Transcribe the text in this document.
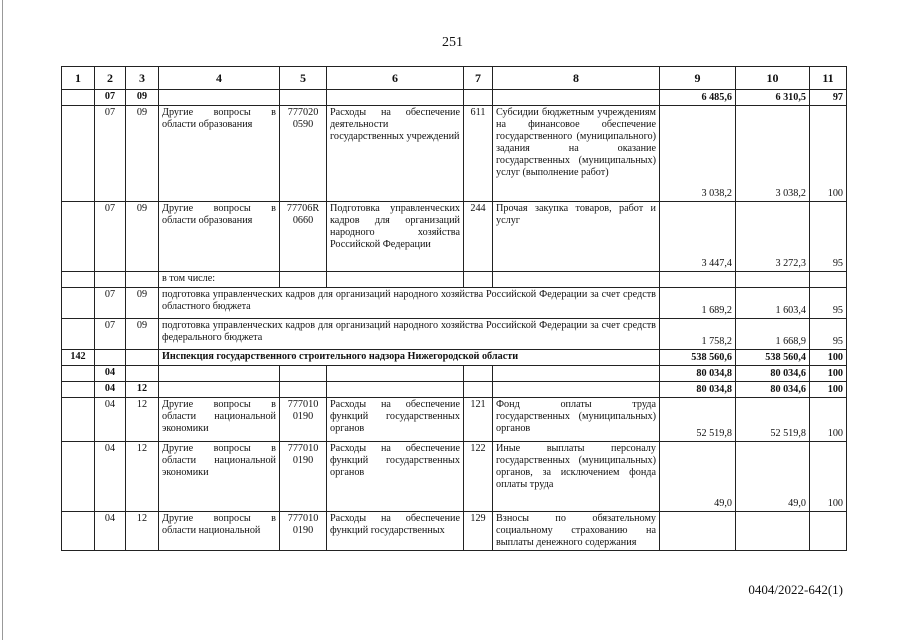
251
1	2	3	4	5	6	7	8	9	10	11
	07	09						6 485,6	6 310,5	97
	07	09	Другие вопросы в области образования	777020 0590	Расходы на обеспечение деятельности государственных учреждений	611	Субсидии бюджетным учреждениям на финансовое обеспечение государственного (муниципального) задания на оказание государственных (муниципальных) услуг (выполнение работ)	3 038,2	3 038,2	100
	07	09	Другие вопросы в области образования	77706R 0660	Подготовка управленческих кадров для организаций народного хозяйства Российской Федерации	244	Прочая закупка товаров, работ и услуг	3 447,4	3 272,3	95
			в том числе:							
	07	09	подготовка управленческих кадров для организаций народного хозяйства Российской Федерации за счет средств областного бюджета					1 689,2	1 603,4	95
	07	09	подготовка управленческих кадров для организаций народного хозяйства Российской Федерации за счет средств федерального бюджета					1 758,2	1 668,9	95
142			Инспекция государственного строительного надзора Нижегородской области					538 560,6	538 560,4	100
	04							80 034,8	80 034,6	100
	04	12						80 034,8	80 034,6	100
	04	12	Другие вопросы в области национальной экономики	777010 0190	Расходы на обеспечение функций государственных органов	121	Фонд оплаты труда государственных (муниципальных) органов	52 519,8	52 519,8	100
	04	12	Другие вопросы в области национальной экономики	777010 0190	Расходы на обеспечение функций государственных органов	122	Иные выплаты персоналу государственных (муниципальных) органов, за исключением фонда оплаты труда	49,0	49,0	100
	04	12	Другие вопросы в области национальной	777010 0190	Расходы на обеспечение функций государственных	129	Взносы по обязательному социальному страхованию на выплаты денежного содержания			
0404/2022-642(1)
